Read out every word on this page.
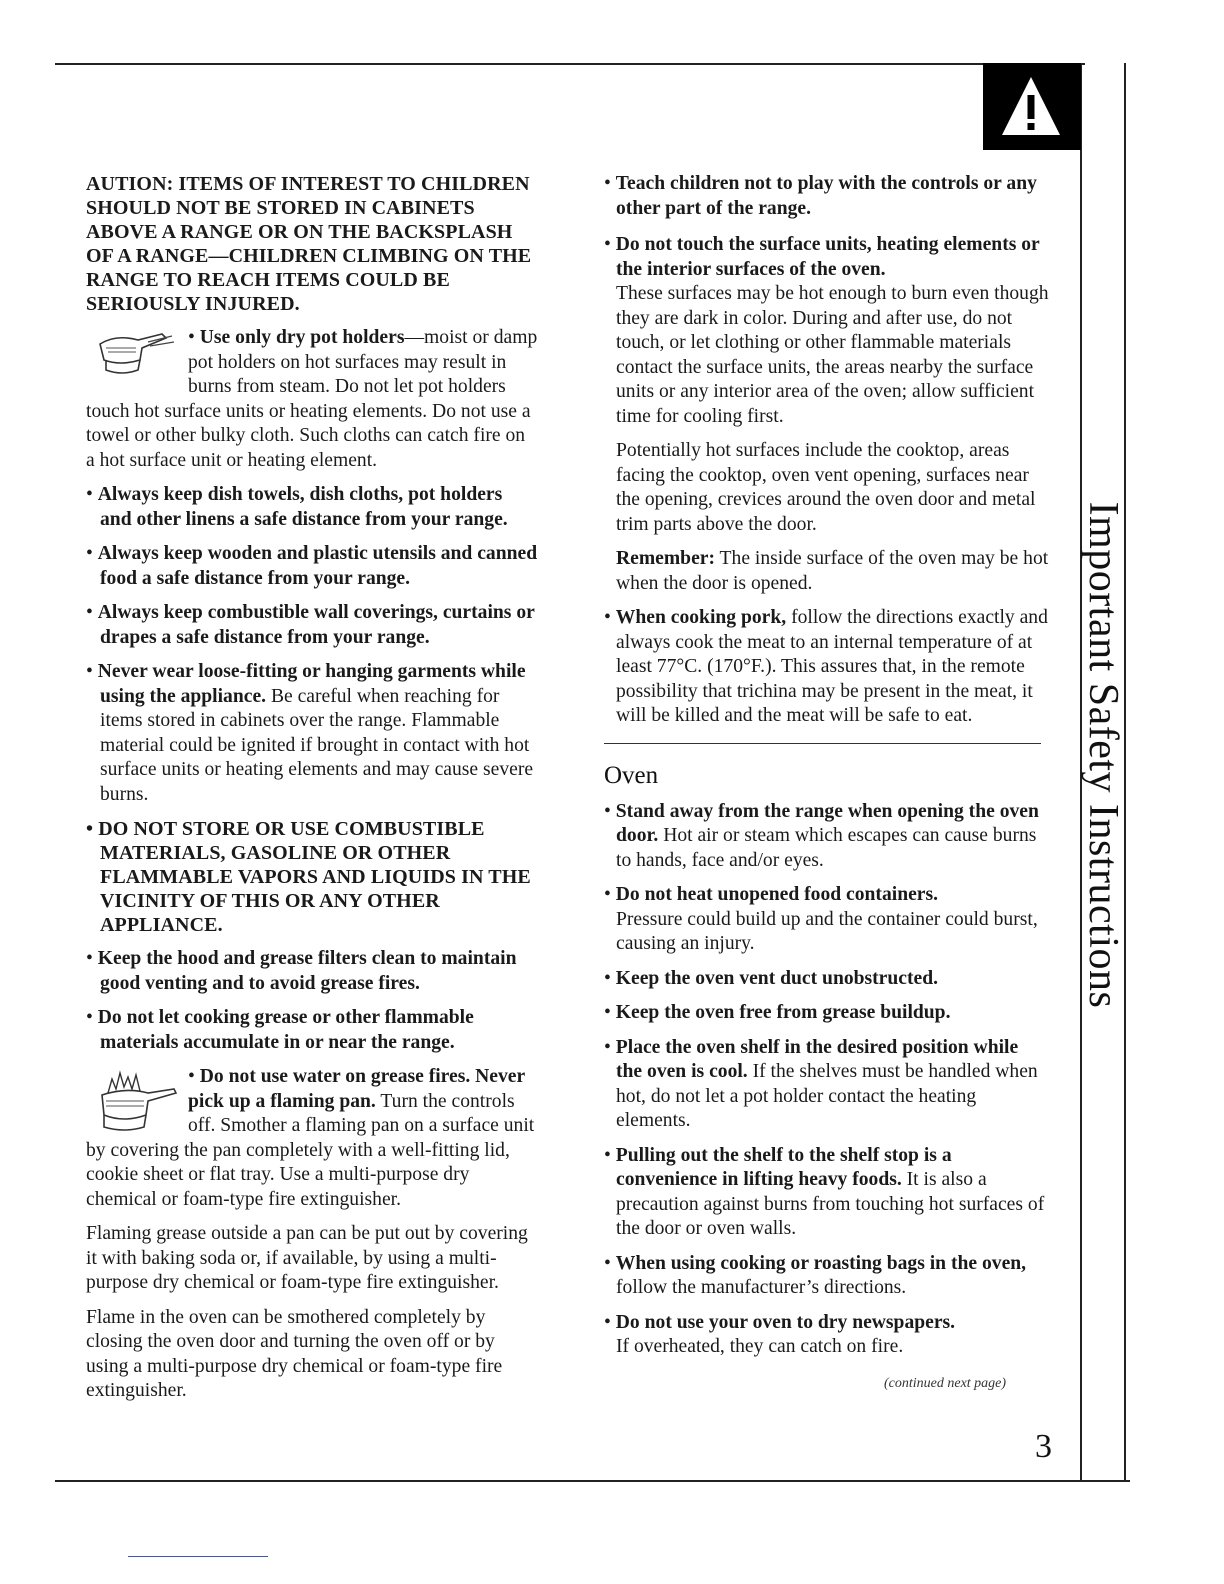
Important Safety Instructions

AUTION: ITEMS OF INTEREST TO CHILDREN SHOULD NOT BE STORED IN CABINETS ABOVE A RANGE OR ON THE BACKSPLASH OF A RANGE—CHILDREN CLIMBING ON THE RANGE TO REACH ITEMS COULD BE SERIOUSLY INJURED.

• Use only dry pot holders—moist or damp pot holders on hot surfaces may result in burns from steam. Do not let pot holders touch hot surface units or heating elements. Do not use a towel or other bulky cloth. Such cloths can catch fire on a hot surface unit or heating element.

• Always keep dish towels, dish cloths, pot holders and other linens a safe distance from your range.

• Always keep wooden and plastic utensils and canned food a safe distance from your range.

• Always keep combustible wall coverings, curtains or drapes a safe distance from your range.

• Never wear loose-fitting or hanging garments while using the appliance. Be careful when reaching for items stored in cabinets over the range. Flammable material could be ignited if brought in contact with hot surface units or heating elements and may cause severe burns.

• DO NOT STORE OR USE COMBUSTIBLE MATERIALS, GASOLINE OR OTHER FLAMMABLE VAPORS AND LIQUIDS IN THE VICINITY OF THIS OR ANY OTHER APPLIANCE.

• Keep the hood and grease filters clean to maintain good venting and to avoid grease fires.

• Do not let cooking grease or other flammable materials accumulate in or near the range.

• Do not use water on grease fires. Never pick up a flaming pan. Turn the controls off. Smother a flaming pan on a surface unit by covering the pan completely with a well-fitting lid, cookie sheet or flat tray. Use a multi-purpose dry chemical or foam-type fire extinguisher.

Flaming grease outside a pan can be put out by covering it with baking soda or, if available, by using a multi-purpose dry chemical or foam-type fire extinguisher.

Flame in the oven can be smothered completely by closing the oven door and turning the oven off or by using a multi-purpose dry chemical or foam-type fire extinguisher.

• Teach children not to play with the controls or any other part of the range.

• Do not touch the surface units, heating elements or the interior surfaces of the oven.

These surfaces may be hot enough to burn even though they are dark in color. During and after use, do not touch, or let clothing or other flammable materials contact the surface units, the areas nearby the surface units or any interior area of the oven; allow sufficient time for cooling first.

Potentially hot surfaces include the cooktop, areas facing the cooktop, oven vent opening, surfaces near the opening, crevices around the oven door and metal trim parts above the door.

Remember: The inside surface of the oven may be hot when the door is opened.

• When cooking pork, follow the directions exactly and always cook the meat to an internal temperature of at least 77°C. (170°F.). This assures that, in the remote possibility that trichina may be present in the meat, it will be killed and the meat will be safe to eat.

Oven

• Stand away from the range when opening the oven door. Hot air or steam which escapes can cause burns to hands, face and/or eyes.

• Do not heat unopened food containers.

Pressure could build up and the container could burst, causing an injury.

• Keep the oven vent duct unobstructed.

• Keep the oven free from grease buildup.

• Place the oven shelf in the desired position while the oven is cool. If the shelves must be handled when hot, do not let a pot holder contact the heating elements.

• Pulling out the shelf to the shelf stop is a convenience in lifting heavy foods. It is also a precaution against burns from touching hot surfaces of the door or oven walls.

• When using cooking or roasting bags in the oven, follow the manufacturer’s directions.

• Do not use your oven to dry newspapers.

If overheated, they can catch on fire.

(continued next page)
3
